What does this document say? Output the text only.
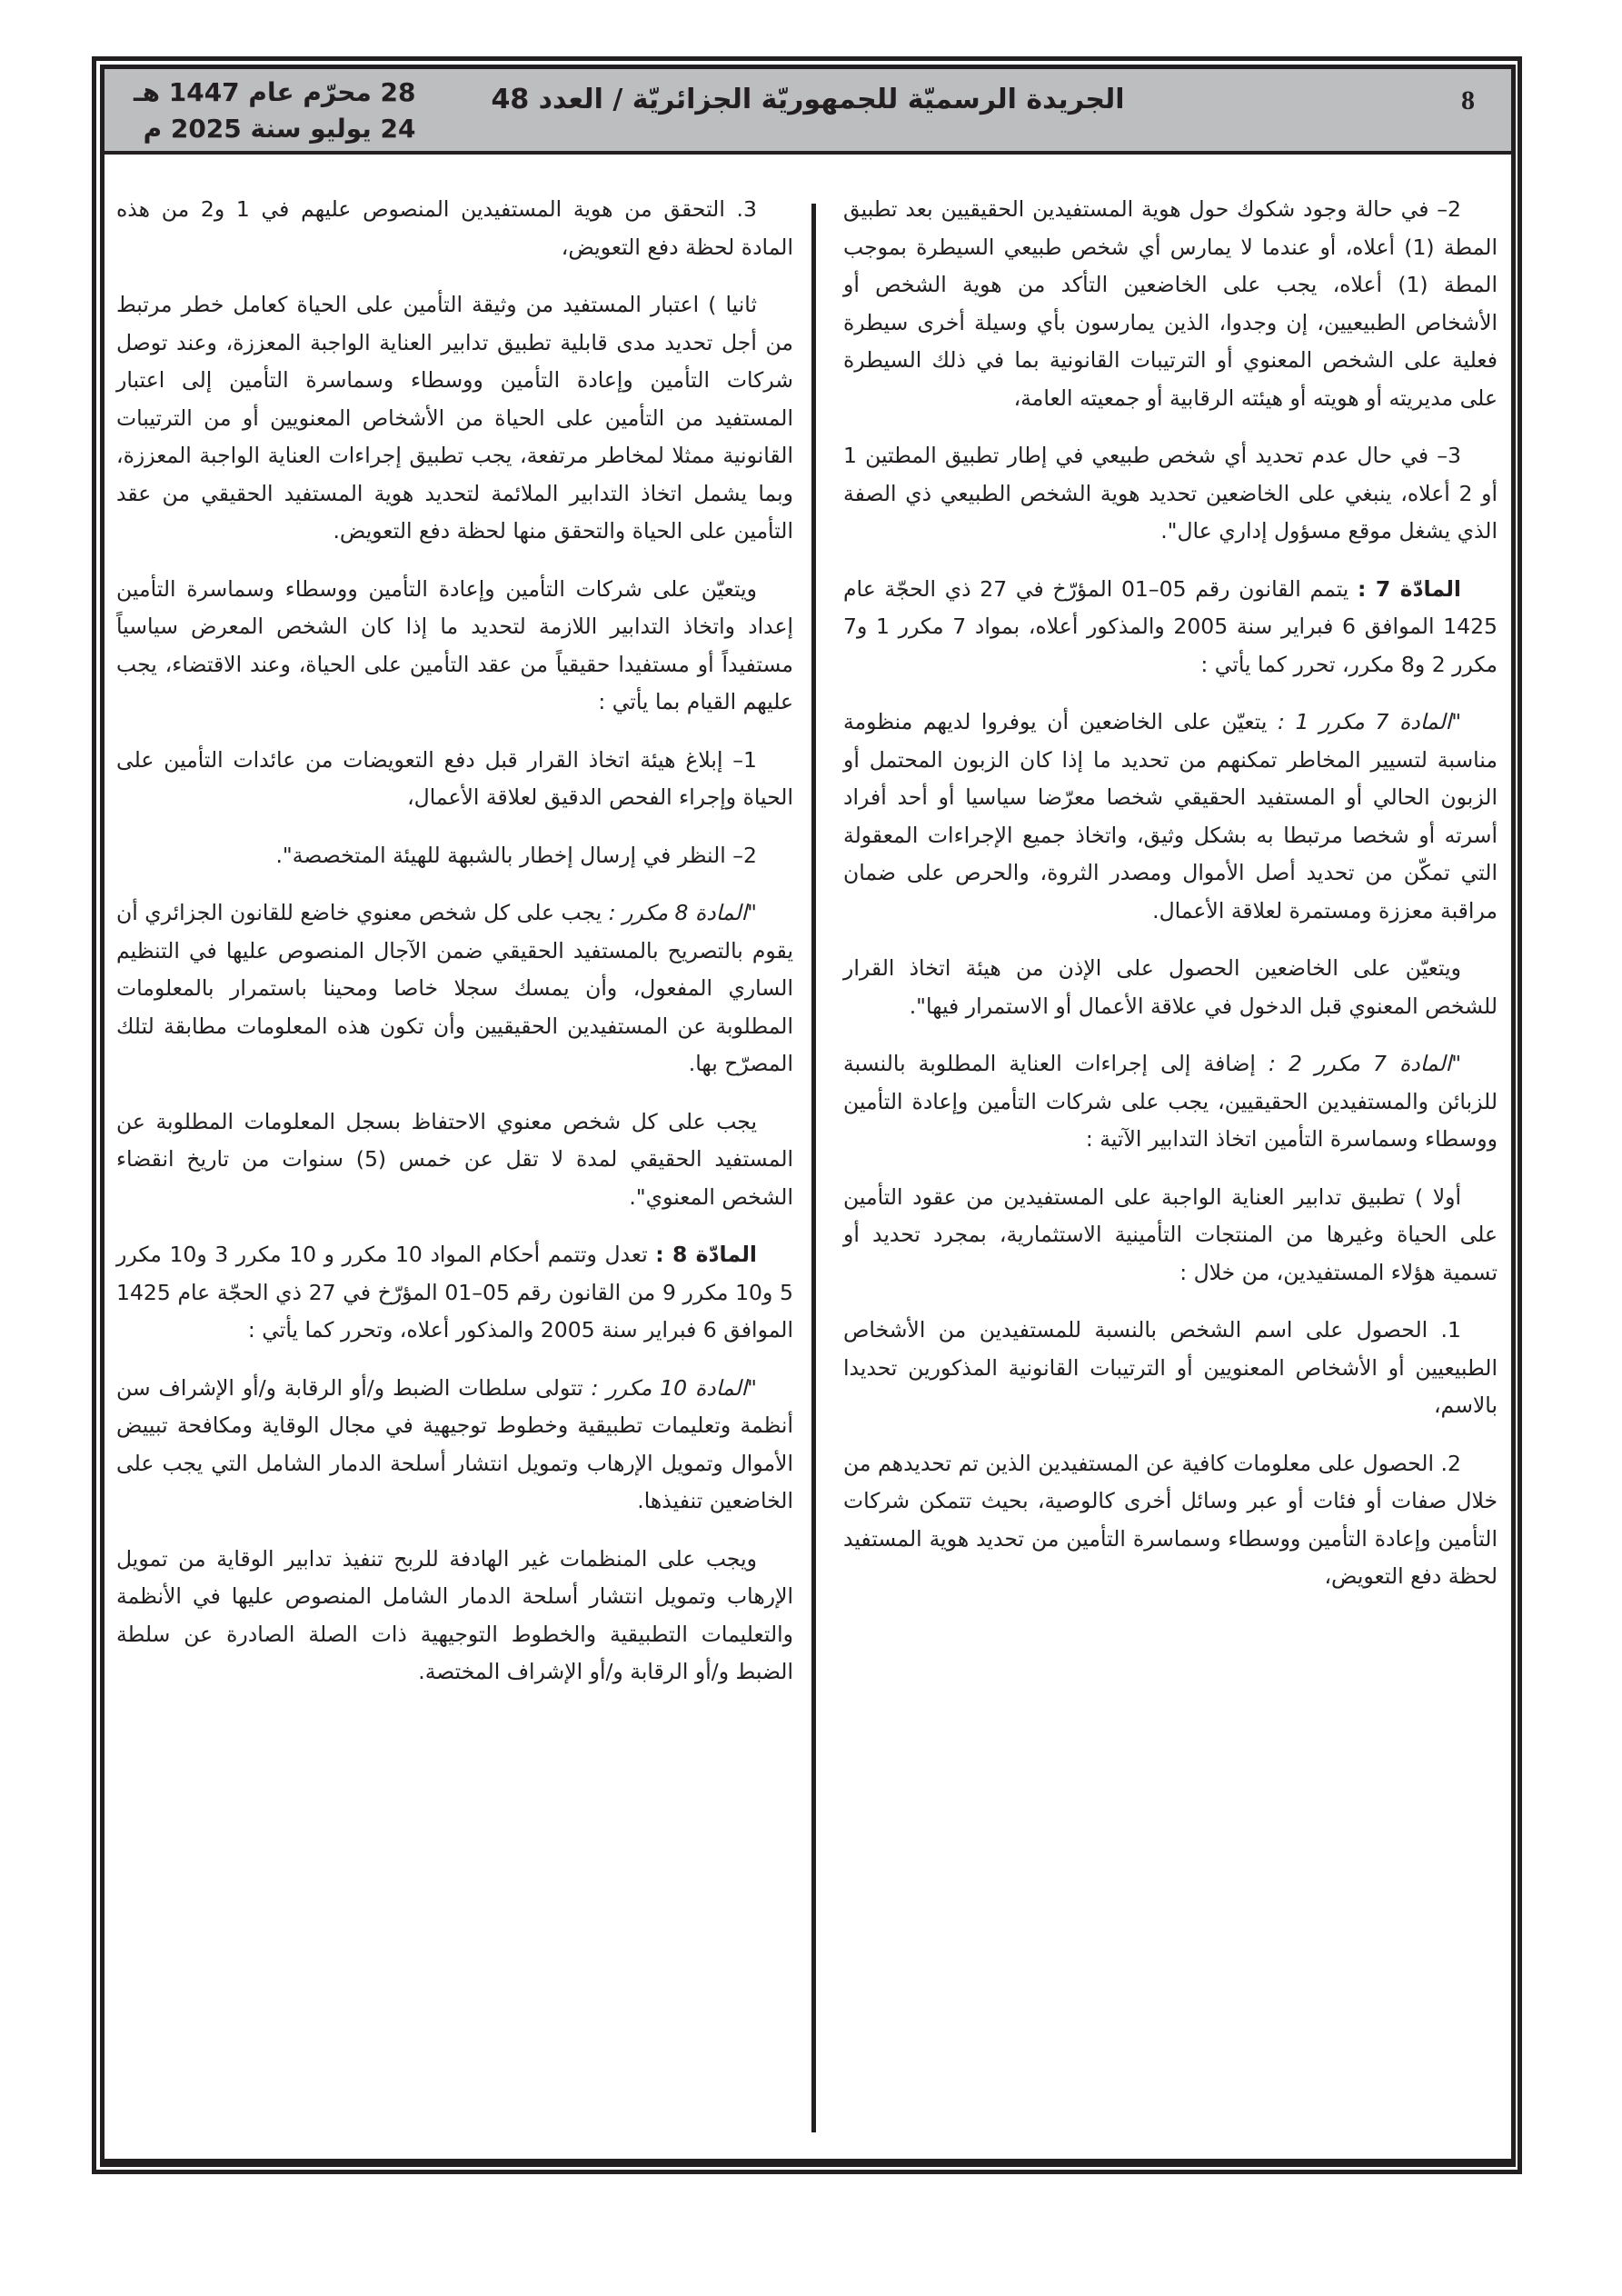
8
الجريدة الرسميّة للجمهوريّة الجزائريّة / العدد 48
28 محرّم عام 1447 هـ
24 يوليو سنة 2025 م

2– في حالة وجود شكوك حول هوية المستفيدين الحقيقيين بعد تطبيق المطة (1) أعلاه، أو عندما لا يمارس أي شخص طبيعي السيطرة بموجب المطة (1) أعلاه، يجب على الخاضعين التأكد من هوية الشخص أو الأشخاص الطبيعيين، إن وجدوا، الذين يمارسون بأي وسيلة أخرى سيطرة فعلية على الشخص المعنوي أو الترتيبات القانونية بما في ذلك السيطرة على مديريته أو هويته أو هيئته الرقابية أو جمعيته العامة،

3– في حال عدم تحديد أي شخص طبيعي في إطار تطبيق المطتين 1 أو 2 أعلاه، ينبغي على الخاضعين تحديد هوية الشخص الطبيعي ذي الصفة الذي يشغل موقع مسؤول إداري عال".

المادّة 7 : يتمم القانون رقم 05–01 المؤرّخ في 27 ذي الحجّة عام 1425 الموافق 6 فبراير سنة 2005 والمذكور أعلاه، بمواد 7 مكرر 1 و7 مكرر 2 و8 مكرر، تحرر كما يأتي :

"المادة 7 مكرر 1 : يتعيّن على الخاضعين أن يوفروا لديهم منظومة مناسبة لتسيير المخاطر تمكنهم من تحديد ما إذا كان الزبون المحتمل أو الزبون الحالي أو المستفيد الحقيقي شخصا معرّضا سياسيا أو أحد أفراد أسرته أو شخصا مرتبطا به بشكل وثيق، واتخاذ جميع الإجراءات المعقولة التي تمكّن من تحديد أصل الأموال ومصدر الثروة، والحرص على ضمان مراقبة معززة ومستمرة لعلاقة الأعمال.

ويتعيّن على الخاضعين الحصول على الإذن من هيئة اتخاذ القرار للشخص المعنوي قبل الدخول في علاقة الأعمال أو الاستمرار فيها".

"المادة 7 مكرر 2 : إضافة إلى إجراءات العناية المطلوبة بالنسبة للزبائن والمستفيدين الحقيقيين، يجب على شركات التأمين وإعادة التأمين ووسطاء وسماسرة التأمين اتخاذ التدابير الآتية :

أولا ) تطبيق تدابير العناية الواجبة على المستفيدين من عقود التأمين على الحياة وغيرها من المنتجات التأمينية الاستثمارية، بمجرد تحديد أو تسمية هؤلاء المستفيدين، من خلال :

1. الحصول على اسم الشخص بالنسبة للمستفيدين من الأشخاص الطبيعيين أو الأشخاص المعنويين أو الترتيبات القانونية المذكورين تحديدا بالاسم،

2. الحصول على معلومات كافية عن المستفيدين الذين تم تحديدهم من خلال صفات أو فئات أو عبر وسائل أخرى كالوصية، بحيث تتمكن شركات التأمين وإعادة التأمين ووسطاء وسماسرة التأمين من تحديد هوية المستفيد لحظة دفع التعويض،

3. التحقق من هوية المستفيدين المنصوص عليهم في 1 و2 من هذه المادة لحظة دفع التعويض،

ثانيا ) اعتبار المستفيد من وثيقة التأمين على الحياة كعامل خطر مرتبط من أجل تحديد مدى قابلية تطبيق تدابير العناية الواجبة المعززة، وعند توصل شركات التأمين وإعادة التأمين ووسطاء وسماسرة التأمين إلى اعتبار المستفيد من التأمين على الحياة من الأشخاص المعنويين أو من الترتيبات القانونية ممثلا لمخاطر مرتفعة، يجب تطبيق إجراءات العناية الواجبة المعززة، وبما يشمل اتخاذ التدابير الملائمة لتحديد هوية المستفيد الحقيقي من عقد التأمين على الحياة والتحقق منها لحظة دفع التعويض.

ويتعيّن على شركات التأمين وإعادة التأمين ووسطاء وسماسرة التأمين إعداد واتخاذ التدابير اللازمة لتحديد ما إذا كان الشخص المعرض سياسياً مستفيداً أو مستفيدا حقيقياً من عقد التأمين على الحياة، وعند الاقتضاء، يجب عليهم القيام بما يأتي :

1– إبلاغ هيئة اتخاذ القرار قبل دفع التعويضات من عائدات التأمين على الحياة وإجراء الفحص الدقيق لعلاقة الأعمال،

2– النظر في إرسال إخطار بالشبهة للهيئة المتخصصة".

"المادة 8 مكرر : يجب على كل شخص معنوي خاضع للقانون الجزائري أن يقوم بالتصريح بالمستفيد الحقيقي ضمن الآجال المنصوص عليها في التنظيم الساري المفعول، وأن يمسك سجلا خاصا ومحينا باستمرار بالمعلومات المطلوبة عن المستفيدين الحقيقيين وأن تكون هذه المعلومات مطابقة لتلك المصرّح بها.

يجب على كل شخص معنوي الاحتفاظ بسجل المعلومات المطلوبة عن المستفيد الحقيقي لمدة لا تقل عن خمس (5) سنوات من تاريخ انقضاء الشخص المعنوي".

المادّة 8 : تعدل وتتمم أحكام المواد 10 مكرر و 10 مكرر 3 و10 مكرر 5 و10 مكرر 9 من القانون رقم 05–01 المؤرّخ في 27 ذي الحجّة عام 1425 الموافق 6 فبراير سنة 2005 والمذكور أعلاه، وتحرر كما يأتي :

"المادة 10 مكرر : تتولى سلطات الضبط و/أو الرقابة و/أو الإشراف سن أنظمة وتعليمات تطبيقية وخطوط توجيهية في مجال الوقاية ومكافحة تبييض الأموال وتمويل الإرهاب وتمويل انتشار أسلحة الدمار الشامل التي يجب على الخاضعين تنفيذها.

ويجب على المنظمات غير الهادفة للربح تنفيذ تدابير الوقاية من تمويل الإرهاب وتمويل انتشار أسلحة الدمار الشامل المنصوص عليها في الأنظمة والتعليمات التطبيقية والخطوط التوجيهية ذات الصلة الصادرة عن سلطة الضبط و/أو الرقابة و/أو الإشراف المختصة.
